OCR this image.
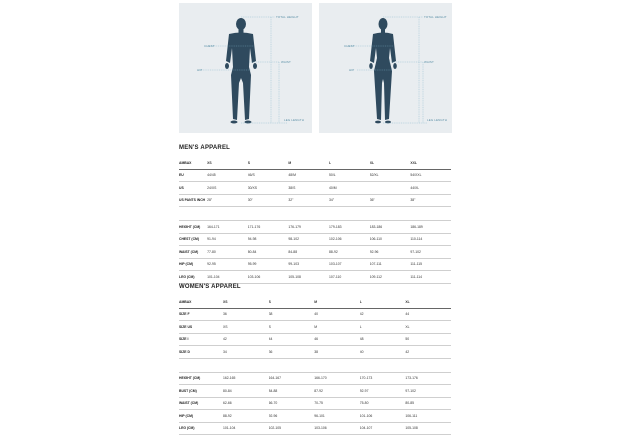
TOTAL HEIGHT
CHEST
WAIST
HIP
LEG LENGTH
TOTAL HEIGHT
CHEST
WAIST
HIP
LEG LENGTH
MEN'S APPAREL
AMBAX	XS	S	M	L	XL	XXL
EU	44/45	46/S	48/M	50/L	52/XL	54/XXL
US	24/XS	30/XS	38/S	40/M		44/XL
US PANTS INCH	28"	30"	32"	34"	36"	38"

HEIGHT (CM)	164-171	171-176	176-179	179-183	183-186	186-189
CHEST (CM)	91-94	94-98	98-102	102-106	106-110	110-114
WAIST (CM)	77-80	80-84	84-88	88-92	92-96	97-102
HIP (CM)	92-95	95-99	99-103	103-107	107-111	111-115
LEG (CM)	101-104	103-106	105-108	107-110	109-112	111-114
WOMEN'S APPAREL
AMBAX	XS	S	M	L	XL
SIZE F	36	38	40	42	44
SIZE US	XS	S	M	L	XL
SIZE I	42	44	46	48	50
SIZE D	34	36	38	40	42

HEIGHT (CM)	162-165	164-167	166-170	170-173	173-176
BUST (CM)	80-84	84-88	87-92	92-97	97-102
WAIST (CM)	62-66	66-70	70-75	75-80	80-85
HIP (CM)	88-92	92-96	96-101	101-106	106-111
LEG (CM)	101-104	102-105	103-106	104-107	105-108
